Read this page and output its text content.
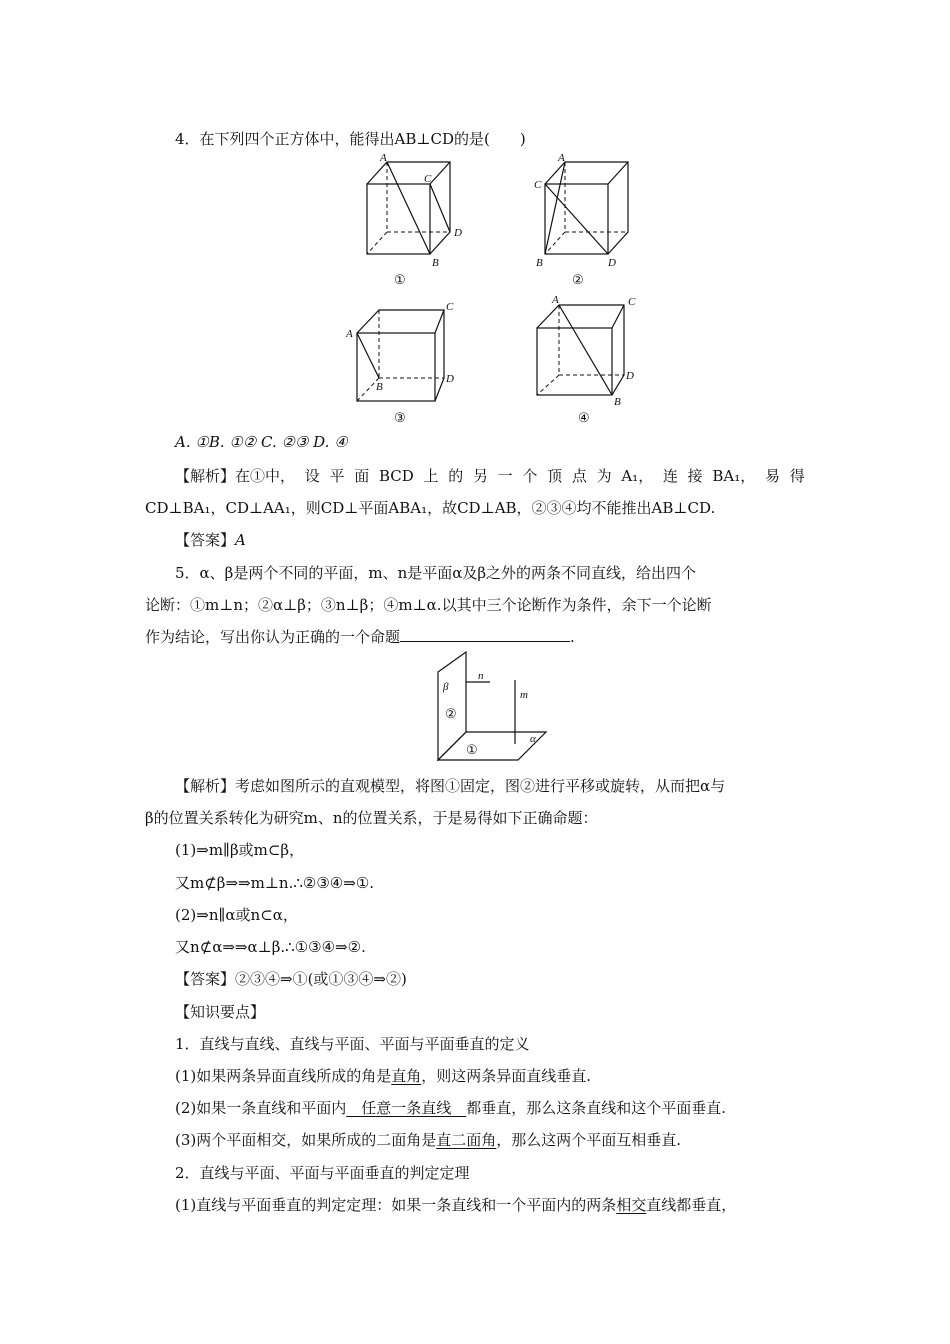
4．在下列四个正方体中，能得出AB⊥CD的是(　　)
A
C
D
B
①
A
C
B	D
②
A
C
D
B
③
A	C
D
B
④
A. ①B. ①② C. ②③ D. ④
【解析】在①中， 设 平 面 BCD 上 的 另 一 个 顶 点 为 A₁， 连 接 BA₁， 易 得
CD⊥BA₁，CD⊥AA₁，则CD⊥平面ABA₁，故CD⊥AB，②③④均不能推出AB⊥CD.
【答案】A
5．α、β是两个不同的平面，m、n是平面α及β之外的两条不同直线，给出四个
论断：①m⊥n；②α⊥β；③n⊥β；④m⊥α.以其中三个论断作为条件，余下一个论断
作为结论，写出你认为正确的一个命题	.
β
n
m
α
②
①
【解析】考虑如图所示的直观模型，将图①固定，图②进行平移或旋转，从而把α与
β的位置关系转化为研究m、n的位置关系，于是易得如下正确命题：
(1)⇒m∥β或m⊂β，
又m⊄β⇒⇒m⊥n.∴②③④⇒①.
(2)⇒n∥α或n⊂α，
又n⊄α⇒⇒α⊥β.∴①③④⇒②.
【答案】②③④⇒①(或①③④⇒②)
【知识要点】
1．直线与直线、直线与平面、平面与平面垂直的定义
(1)如果两条异面直线所成的角是直角，则这两条异面直线垂直.
(2)如果一条直线和平面内　任意一条直线　都垂直，那么这条直线和这个平面垂直.
(3)两个平面相交，如果所成的二面角是直二面角，那么这两个平面互相垂直.
2．直线与平面、平面与平面垂直的判定定理
(1)直线与平面垂直的判定定理：如果一条直线和一个平面内的两条相交直线都垂直，
